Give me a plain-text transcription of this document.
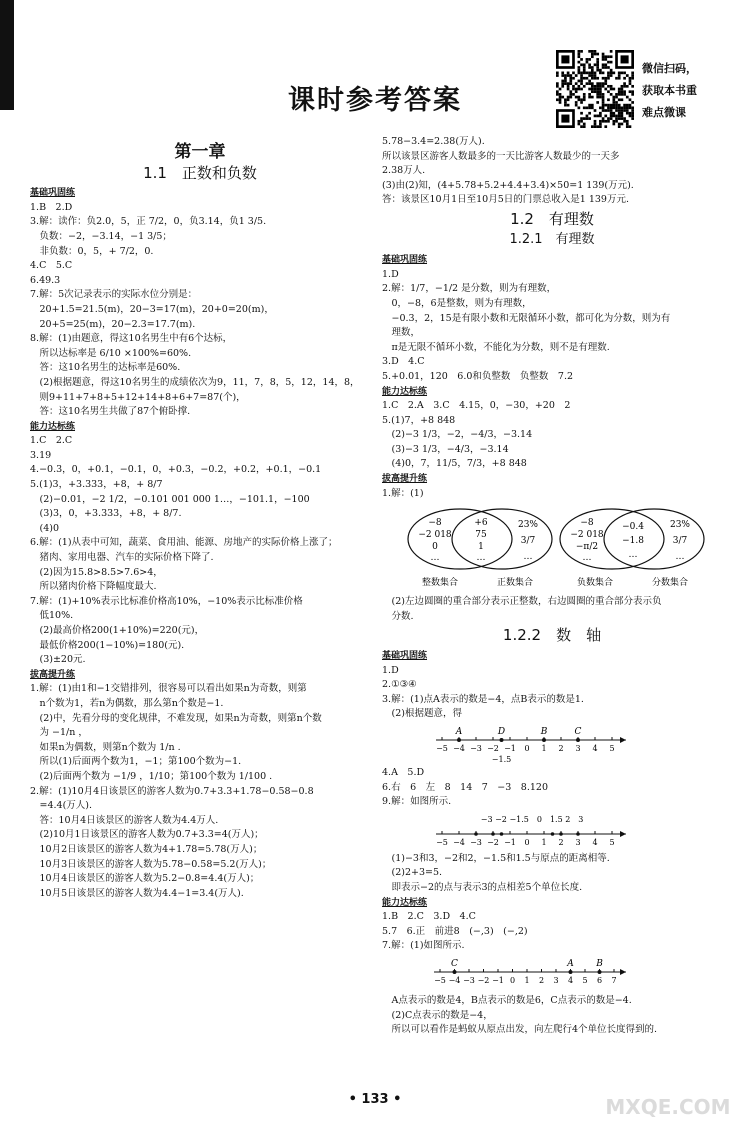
课时参考答案
微信扫码，
获取本书重
难点微课
第一章
1.1　正数和负数
基础巩固练
1.B　2.D
3.解：读作：负2.0，5，正 7/2，0，负3.14，负1 3/5.
　负数：−2，−3.14，−1 3/5；
　非负数：0，5，+ 7/2，0.
4.C　5.C
6.49.3
7.解：5次记录表示的实际水位分别是：
　20+1.5=21.5(m)，20−3=17(m)，20+0=20(m)，
　20+5=25(m)，20−2.3=17.7(m).
8.解：(1)由题意，得这10名男生中有6个达标，
　所以达标率是 6/10 ×100%=60%.
　答：这10名男生的达标率是60%.
　(2)根据题意，得这10名男生的成绩依次为9，11，7，8，5，12，14，8，
　则9+11+7+8+5+12+14+8+6+7=87(个)，
　答：这10名男生共做了87个俯卧撑.
能力达标练
1.C　2.C
3.19
4.−0.3，0，+0.1，−0.1，0，+0.3，−0.2，+0.2，+0.1，−0.1
5.(1)3，+3.333，+8，+ 8/7
　(2)−0.01，−2 1/2，−0.101 001 000 1…，−101.1，−100
　(3)3，0，+3.333，+8，+ 8/7.
　(4)0
6.解：(1)从表中可知，蔬菜、食用油、能源、房地产的实际价格上涨了；
　猪肉、家用电器、汽车的实际价格下降了.
　(2)因为15.8>8.5>7.6>4，
　所以猪肉价格下降幅度最大.
7.解：(1)+10%表示比标准价格高10%，−10%表示比标准价格
　低10%.
　(2)最高价格200(1+10%)=220(元)，
　最低价格200(1−10%)=180(元).
　(3)±20元.
拔高提升练
1.解：(1)由1和−1交错排列，很容易可以看出如果n为奇数，则第
　n个数为1，若n为偶数，那么第n个数是−1.
　(2)中，先看分母的变化规律，不难发现，如果n为奇数，则第n个数
　为 −1/n ，
　如果n为偶数，则第n个数为 1/n .
　所以(1)后面两个数为1，−1；第100个数为−1.
　(2)后面两个数为 −1/9 ，1/10；第100个数为 1/100 .
2.解：(1)10月4日该景区的游客人数为0.7+3.3+1.78−0.58−0.8
　=4.4(万人).
　答：10月4日该景区的游客人数为4.4万人.
　(2)10月1日该景区的游客人数为0.7+3.3=4(万人)；
　10月2日该景区的游客人数为4+1.78=5.78(万人)；
　10月3日该景区的游客人数为5.78−0.58=5.2(万人)；
　10月4日该景区的游客人数为5.2−0.8=4.4(万人)；
　10月5日该景区的游客人数为4.4−1=3.4(万人).
5.78−3.4=2.38(万人).
所以该景区游客人数最多的一天比游客人数最少的一天多
2.38万人.
(3)由(2)知，(4+5.78+5.2+4.4+3.4)×50=1 139(万元).
答：该景区10月1日至10月5日的门票总收入是1 139万元.
1.2　有理数
1.2.1　有理数
基础巩固练
1.D
2.解：1/7，−1/2 是分数，则为有理数，
　0，−8，6是整数，则为有理数，
　−0.3，2，15是有限小数和无限循环小数，都可化为分数，则为有
　理数，
　π是无限不循环小数，不能化为分数，则不是有理数.
3.D　4.C
5.+0.01，120　6.0和负整数　负整数　7.2
能力达标练
1.C　2.A　3.C　4.15，0，−30，+20　2
5.(1)7，+8 848
　(2)−3 1/3，−2，−4/3，−3.14
　(3)−3 1/3，−4/3，−3.14
　(4)0，7，11/5，7/3，+8 848
拔高提升练
1.解：(1)
−8
−2 018
0
…
+6
75
1
…
23%
3/7
…
−8
−2 018
−π/2
…
−0.4
−1.8
…
23%
3/7
…
整数集合	正数集合	负数集合	分数集合
　(2)左边圆圈的重合部分表示正整数，右边圆圈的重合部分表示负
　分数.
1.2.2　数　轴
基础巩固练
1.D
2.①③④
3.解：(1)点A表示的数是−4，点B表示的数是1.
　(2)根据题意，得
−5 −4 −3 −2 −1 0 1 2 3 4 5
A	D	B	C
−1.5
4.A　5.D
6.右　6　左　8　14　7　−3　8.120
9.解：如图所示.
−5 −4 −3 −2 −1 0 1 2 3 4 5
−3 −2 −1.5　0　1.5 2　3
　(1)−3和3，−2和2，−1.5和1.5与原点的距离相等.
　(2)2+3=5.
　即表示−2的点与表示3的点相差5个单位长度.
能力达标练
1.B　2.C　3.D　4.C
5.7　6.正　前进8　(−,3)　(−,2)
7.解：(1)如图所示.
−5 −4 −3 −2 −1 0 1 2 3 4 5 6 7
C	A B
　A点表示的数是4，B点表示的数是6，C点表示的数是−4.
　(2)C点表示的数是−4，
　所以可以看作是蚂蚁从原点出发，向左爬行4个单位长度得到的.
• 133 •	MXQE.COM
